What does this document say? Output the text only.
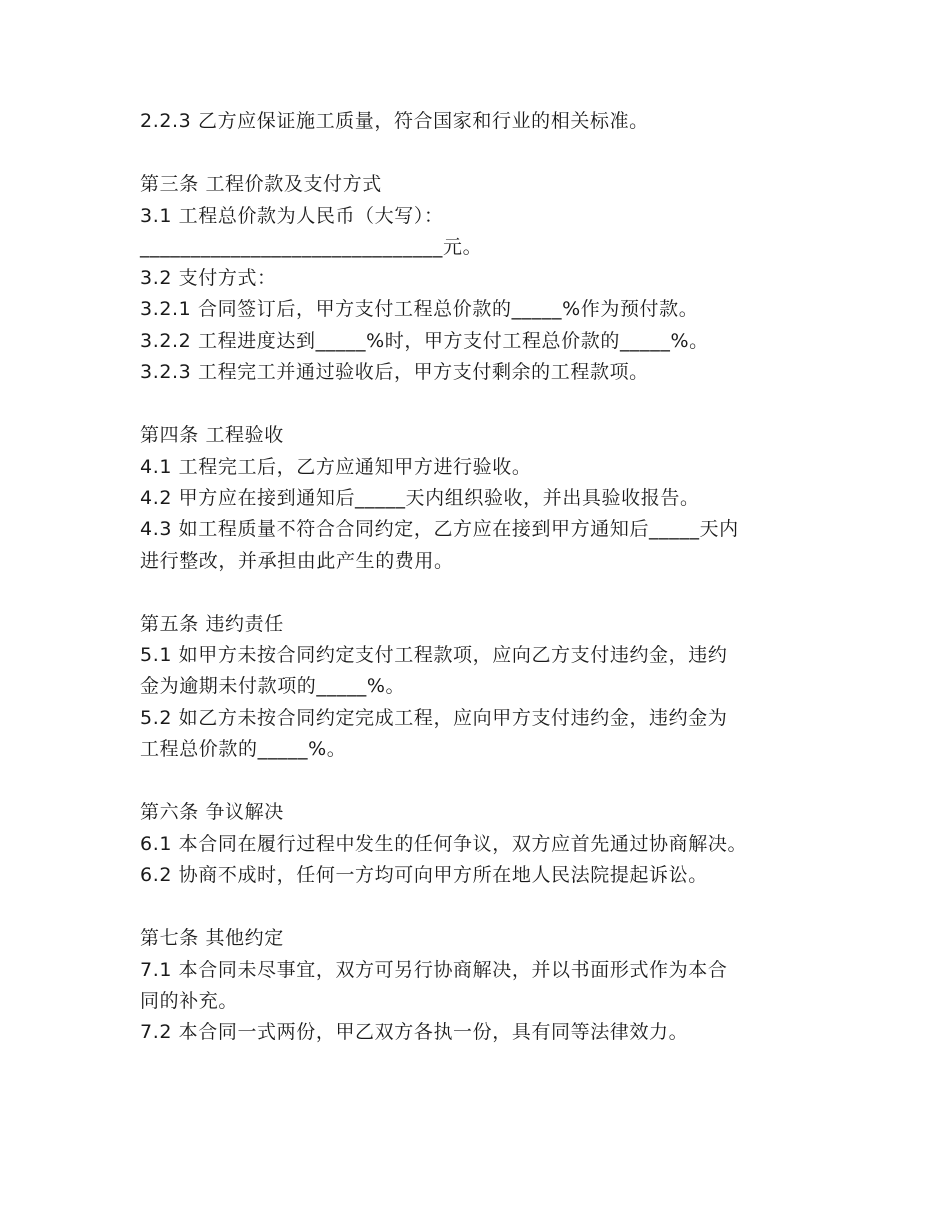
2.2.3 乙方应保证施工质量，符合国家和行业的相关标准。
第三条 工程价款及支付方式
3.1 工程总价款为人民币（大写）：
______________________________元。
3.2 支付方式：
3.2.1 合同签订后，甲方支付工程总价款的_____%作为预付款。
3.2.2 工程进度达到_____%时，甲方支付工程总价款的_____%。
3.2.3 工程完工并通过验收后，甲方支付剩余的工程款项。
第四条 工程验收
4.1 工程完工后，乙方应通知甲方进行验收。
4.2 甲方应在接到通知后_____天内组织验收，并出具验收报告。
4.3 如工程质量不符合合同约定，乙方应在接到甲方通知后_____天内
进行整改，并承担由此产生的费用。
第五条 违约责任
5.1 如甲方未按合同约定支付工程款项，应向乙方支付违约金，违约
金为逾期未付款项的_____%。
5.2 如乙方未按合同约定完成工程，应向甲方支付违约金，违约金为
工程总价款的_____%。
第六条 争议解决
6.1 本合同在履行过程中发生的任何争议，双方应首先通过协商解决。
6.2 协商不成时，任何一方均可向甲方所在地人民法院提起诉讼。
第七条 其他约定
7.1 本合同未尽事宜，双方可另行协商解决，并以书面形式作为本合
同的补充。
7.2 本合同一式两份，甲乙双方各执一份，具有同等法律效力。
